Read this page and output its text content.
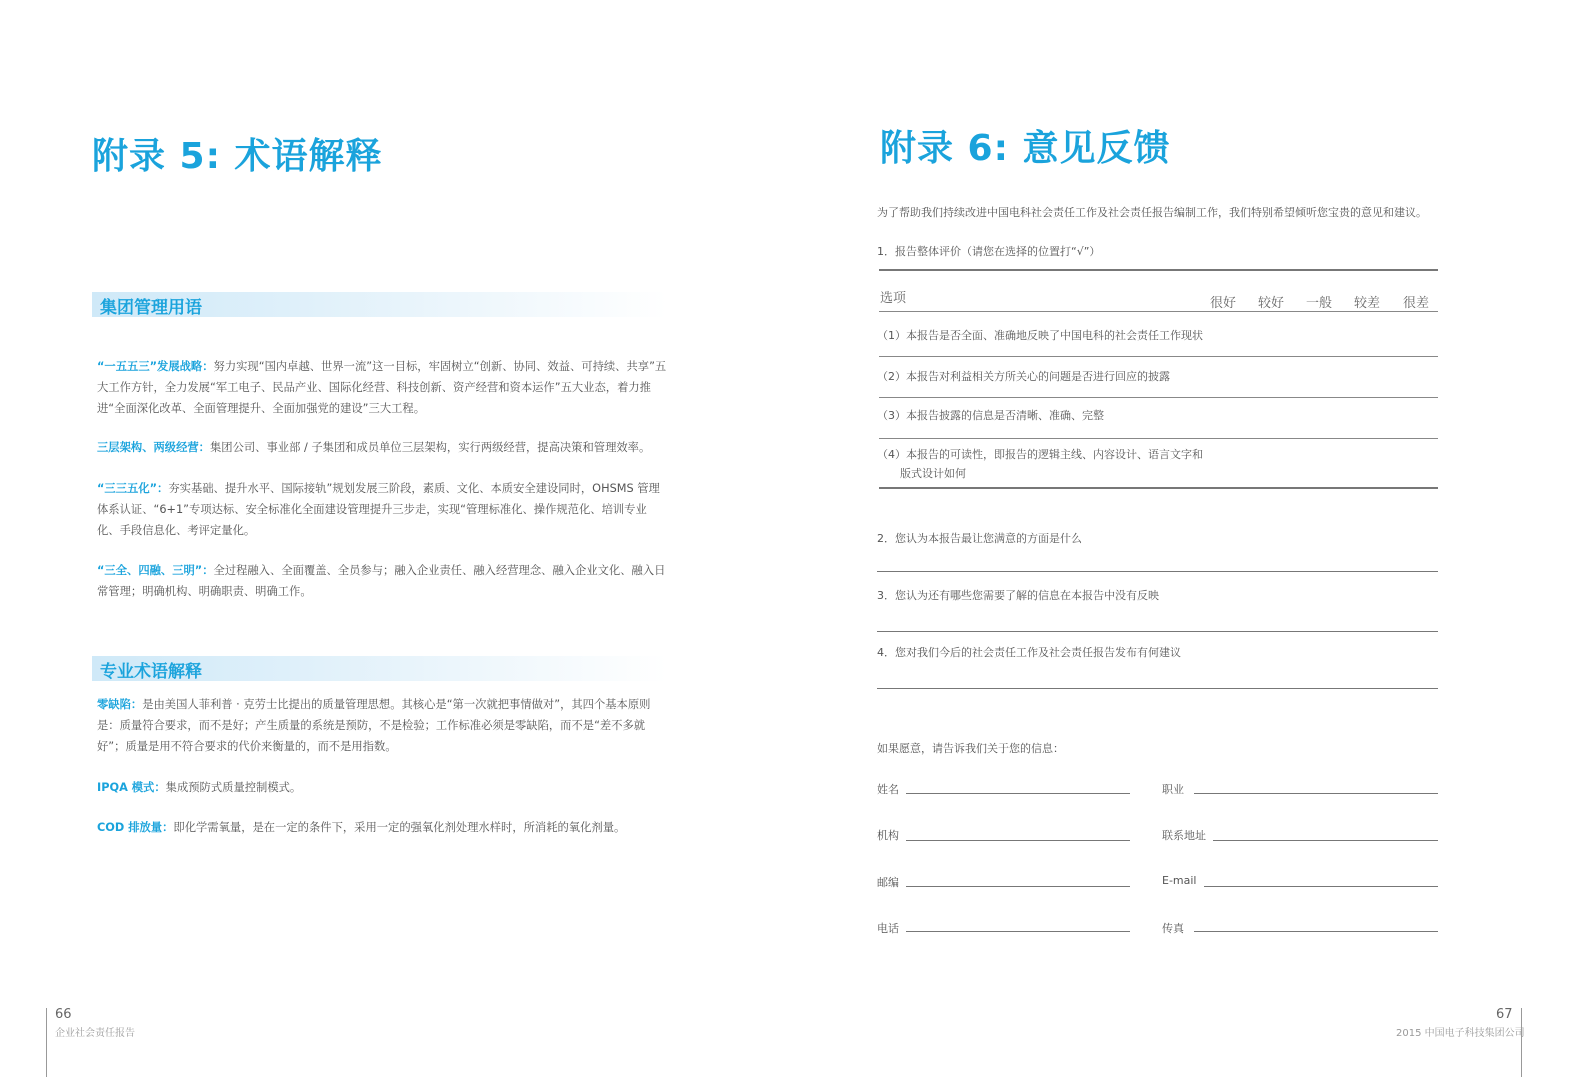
附录 5: 术语解释
集团管理用语
“一五五三”发展战略：努力实现“国内卓越、世界一流”这一目标，牢固树立“创新、协同、效益、可持续、共享”五大工作方针，全力发展“军工电子、民品产业、国际化经营、科技创新、资产经营和资本运作”五大业态，着力推进“全面深化改革、全面管理提升、全面加强党的建设”三大工程。
三层架构、两级经营：集团公司、事业部 / 子集团和成员单位三层架构，实行两级经营，提高决策和管理效率。
“三三五化”：夯实基础、提升水平、国际接轨”规划发展三阶段，素质、文化、本质安全建设同时，OHSMS 管理体系认证、“6+1”专项达标、安全标准化全面建设管理提升三步走，实现“管理标准化、操作规范化、培训专业化、手段信息化、考评定量化。
“三全、四融、三明”：全过程融入、全面覆盖、全员参与；融入企业责任、融入经营理念、融入企业文化、融入日常管理；明确机构、明确职责、明确工作。
专业术语解释
零缺陷：是由美国人菲利普 · 克劳士比提出的质量管理思想。其核心是“第一次就把事情做对”，其四个基本原则是：质量符合要求，而不是好；产生质量的系统是预防，不是检验；工作标准必须是零缺陷，而不是“差不多就好”；质量是用不符合要求的代价来衡量的，而不是用指数。
IPQA 模式：集成预防式质量控制模式。
COD 排放量：即化学需氧量，是在一定的条件下，采用一定的强氧化剂处理水样时，所消耗的氧化剂量。
66
企业社会责任报告
附录 6: 意见反馈
为了帮助我们持续改进中国电科社会责任工作及社会责任报告编制工作，我们特别希望倾听您宝贵的意见和建议。
1．报告整体评价（请您在选择的位置打“√”）
选项	很好 较好 一般 较差 很差
（1）本报告是否全面、准确地反映了中国电科的社会责任工作现状
（2）本报告对利益相关方所关心的问题是否进行回应的披露
（3）本报告披露的信息是否清晰、准确、完整
（4）本报告的可读性，即报告的逻辑主线、内容设计、语言文字和
版式设计如何
2．您认为本报告最让您满意的方面是什么
3．您认为还有哪些您需要了解的信息在本报告中没有反映
4．您对我们今后的社会责任工作及社会责任报告发布有何建议
如果愿意，请告诉我们关于您的信息：
姓名	职业
机构	联系地址
邮编	E-mail
电话	传真
67
2015 中国电子科技集团公司
